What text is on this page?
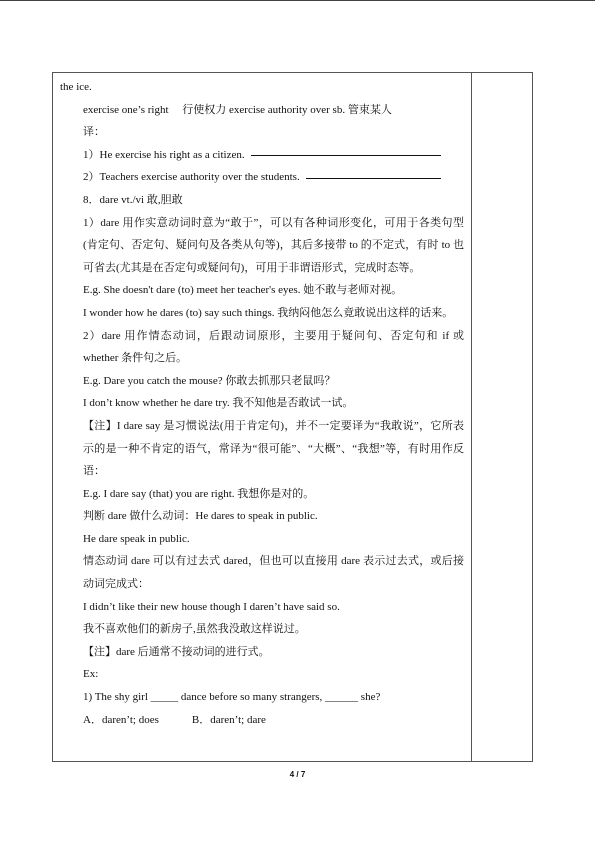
the ice.
exercise one’s right　 行使权力 exercise authority over sb. 管束某人
译：
1）He exercise his right as a citizen.
2）Teachers exercise authority over the students.
8．dare vt./vi 敢,胆敢
1）dare 用作实意动词时意为“敢于”，可以有各种词形变化，可用于各类句型(肯定句、否定句、疑问句及各类从句等)，其后多接带 to 的不定式，有时 to 也可省去(尤其是在否定句或疑问句)，可用于非谓语形式，完成时态等。
E.g. She doesn't dare (to) meet her teacher's eyes. 她不敢与老师对视。
I wonder how he dares (to) say such things. 我纳闷他怎么竟敢说出这样的话来。
2）dare 用作情态动词，后跟动词原形，主要用于疑问句、否定句和 if 或 whether 条件句之后。
E.g. Dare you catch the mouse? 你敢去抓那只老鼠吗？
I don’t know whether he dare try. 我不知他是否敢试一试。
【注】I dare say 是习惯说法(用于肯定句)，并不一定要译为“我敢说”，它所表示的是一种不肯定的语气，常译为“很可能”、“大概”、“我想”等，有时用作反语：
E.g. I dare say (that) you are right. 我想你是对的。
判断 dare 做什么动词：He dares to speak in public.
He dare speak in public.
情态动词 dare 可以有过去式 dared，但也可以直接用 dare 表示过去式，或后接动词完成式：
I didn’t like their new house though I daren’t have said so.
我不喜欢他们的新房子,虽然我没敢这样说过。
【注】dare 后通常不接动词的进行式。
Ex:
1) The shy girl _____ dance before so many strangers, ______ she?
A．daren’t; does　　　B．daren’t; dare
4 / 7
